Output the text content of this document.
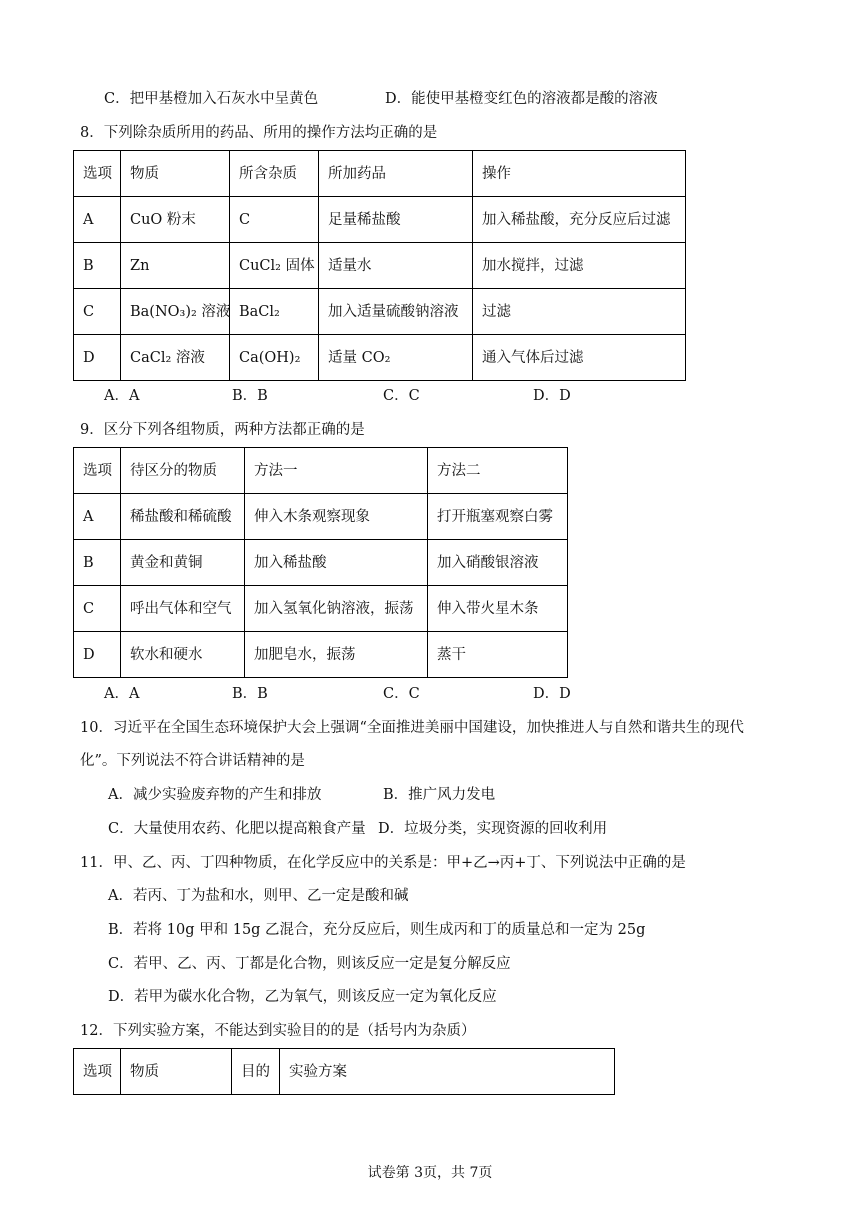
C．把甲基橙加入石灰水中呈黄色	D．能使甲基橙变红色的溶液都是酸的溶液
8．下列除杂质所用的药品、所用的操作方法均正确的是
选项	物质	所含杂质	所加药品	操作
A	CuO 粉末	C	足量稀盐酸	加入稀盐酸，充分反应后过滤
B	Zn	CuCl₂ 固体	适量水	加水搅拌，过滤
C	Ba(NO₃)₂ 溶液	BaCl₂	加入适量硫酸钠溶液	过滤
D	CaCl₂ 溶液	Ca(OH)₂	适量 CO₂	通入气体后过滤
A．A	B．B	C．C	D．D
9．区分下列各组物质，两种方法都正确的是
选项	待区分的物质	方法一	方法二
A	稀盐酸和稀硫酸	伸入木条观察现象	打开瓶塞观察白雾
B	黄金和黄铜	加入稀盐酸	加入硝酸银溶液
C	呼出气体和空气	加入氢氧化钠溶液，振荡	伸入带火星木条
D	软水和硬水	加肥皂水，振荡	蒸干
A．A	B．B	C．C	D．D
10．习近平在全国生态环境保护大会上强调“全面推进美丽中国建设，加快推进人与自然和谐共生的现代
化”。下列说法不符合讲话精神的是
A．减少实验废弃物的产生和排放	B．推广风力发电
C．大量使用农药、化肥以提高粮食产量 D．垃圾分类，实现资源的回收利用
11．甲、乙、丙、丁四种物质，在化学反应中的关系是：甲+乙→丙+丁、下列说法中正确的是
A．若丙、丁为盐和水，则甲、乙一定是酸和碱
B．若将 10g 甲和 15g 乙混合，充分反应后，则生成丙和丁的质量总和一定为 25g
C．若甲、乙、丙、丁都是化合物，则该反应一定是复分解反应
D．若甲为碳水化合物，乙为氧气，则该反应一定为氧化反应
12．下列实验方案，不能达到实验目的的是（括号内为杂质）
选项	物质	目的	实验方案
试卷第 3页，共 7页
